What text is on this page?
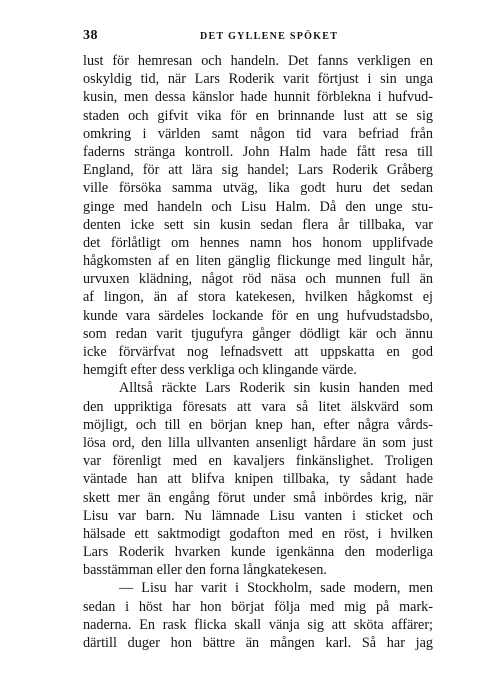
38	DET GYLLENE SPÖKET
lust för hemresan och handeln. Det fanns verkligen en
oskyldig tid, när Lars Roderik varit förtjust i sin unga
kusin, men dessa känslor hade hunnit förblekna i hufvud-
staden och gifvit vika för en brinnande lust att se sig
omkring i världen samt någon tid vara befriad från
faderns stränga kontroll. John Halm hade fått resa till
England, för att lära sig handel; Lars Roderik Gråberg
ville försöka samma utväg, lika godt huru det sedan
ginge med handeln och Lisu Halm. Då den unge stu-
denten icke sett sin kusin sedan flera år tillbaka, var
det förlåtligt om hennes namn hos honom upplifvade
hågkomsten af en liten gänglig flickunge med lingult hår,
urvuxen klädning, något röd näsa och munnen full än
af lingon, än af stora katekesen, hvilken hågkomst ej
kunde vara särdeles lockande för en ung hufvudstadsbo,
som redan varit tjugufyra gånger dödligt kär och ännu
icke förvärfvat nog lefnadsvett att uppskatta en god
hemgift efter dess verkliga och klingande värde.
Alltså räckte Lars Roderik sin kusin handen med
den uppriktiga föresats att vara så litet älskvärd som
möjligt, och till en början knep han, efter några vårds-
lösa ord, den lilla ullvanten ansenligt hårdare än som just
var förenligt med en kavaljers finkänslighet. Troligen
väntade han att blifva knipen tillbaka, ty sådant hade
skett mer än engång förut under små inbördes krig, när
Lisu var barn. Nu lämnade Lisu vanten i sticket och
hälsade ett saktmodigt godafton med en röst, i hvilken
Lars Roderik hvarken kunde igenkänna den moderliga
basstämman eller den forna långkatekesen.
— Lisu har varit i Stockholm, sade modern, men
sedan i höst har hon börjat följa med mig på mark-
naderna. En rask flicka skall vänja sig att sköta affärer;
därtill duger hon bättre än mången karl. Så har jag
